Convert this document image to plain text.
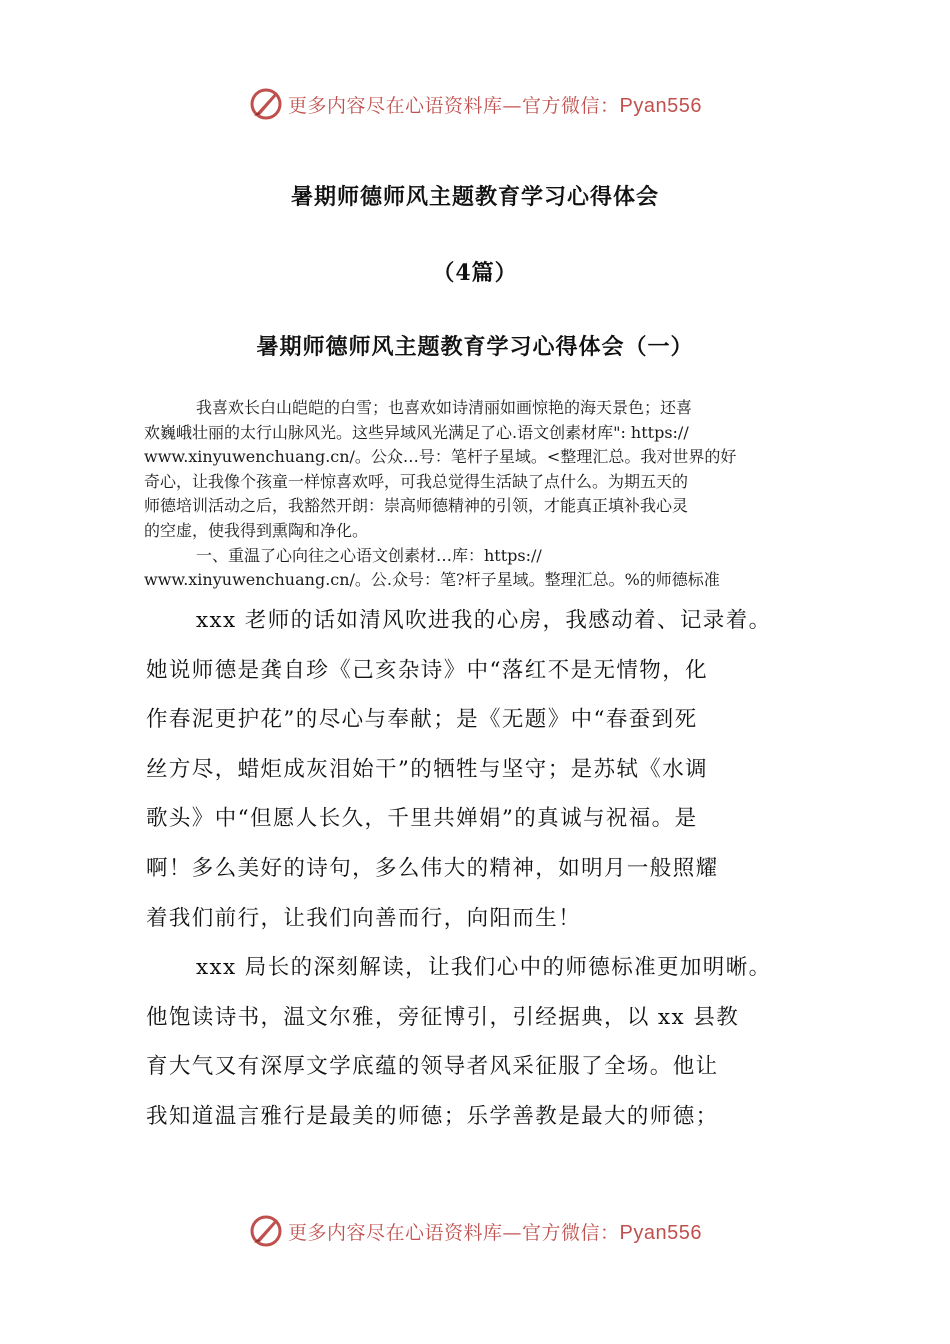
更多内容尽在心语资料库—官方微信：Pyan556
暑期师德师风主题教育学习心得体会
（4篇）
暑期师德师风主题教育学习心得体会（一）

我喜欢长白山皑皑的白雪；也喜欢如诗清丽如画惊艳的海天景色；还喜
欢巍峨壮丽的太行山脉风光。这些异域风光满足了心.语文创素材库": https://
www.xinyuwenchuang.cn/。公众…号：笔杆子星域。<整理汇总。我对世界的好
奇心，让我像个孩童一样惊喜欢呼，可我总觉得生活缺了点什么。为期五天的
师德培训活动之后，我豁然开朗：崇高师德精神的引领，才能真正填补我心灵
的空虚，使我得到熏陶和净化。

一、重温了心向往之心语文创素材…库：https://
www.xinyuwenchuang.cn/。公.众号：笔?杆子星域。整理汇总。%的师德标准

xxx 老师的话如清风吹进我的心房，我感动着、记录着。
她说师德是龚自珍《己亥杂诗》中“落红不是无情物，化
作春泥更护花”的尽心与奉献；是《无题》中“春蚕到死
丝方尽，蜡炬成灰泪始干”的牺牲与坚守；是苏轼《水调
歌头》中“但愿人长久，千里共婵娟”的真诚与祝福。是
啊！多么美好的诗句，多么伟大的精神，如明月一般照耀
着我们前行，让我们向善而行，向阳而生！
xxx 局长的深刻解读，让我们心中的师德标准更加明晰。
他饱读诗书，温文尔雅，旁征博引，引经据典，以 xx 县教
育大气又有深厚文学底蕴的领导者风采征服了全场。他让
我知道温言雅行是最美的师德；乐学善教是最大的师德；
更多内容尽在心语资料库—官方微信：Pyan556
